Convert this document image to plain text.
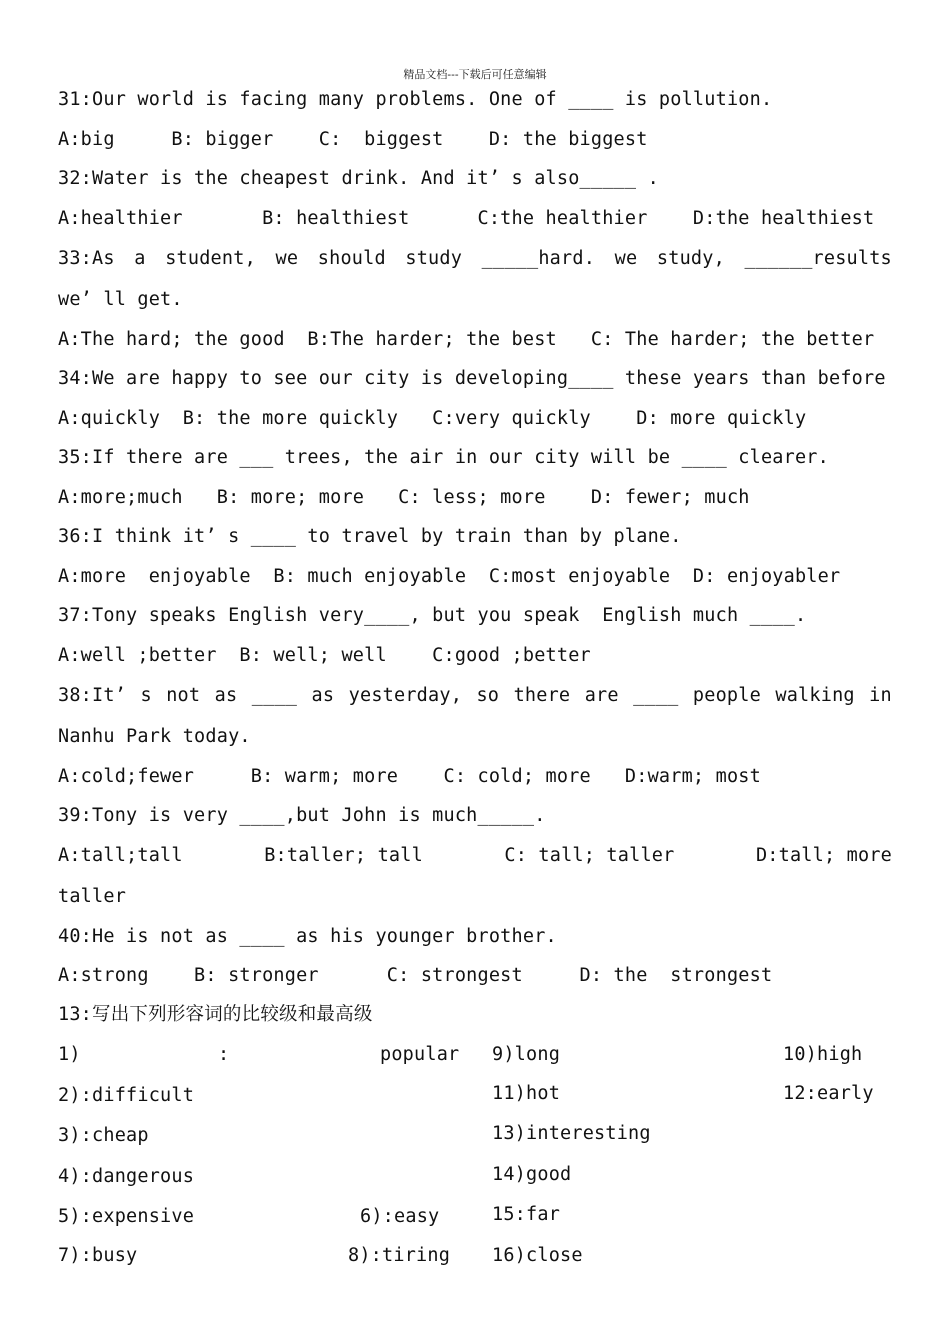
精品文档---下载后可任意编辑
31:Our world is facing many problems. One of ____ is pollution.
A:big     B: bigger    C:  biggest    D: the biggest
32:Water is the cheapest drink. And it’ s also_____ .
A:healthier       B: healthiest      C:the healthier    D:the healthiest
33:As a student, we should study _____hard. we study, ______results
we’ ll get.
A:The hard; the good  B:The harder; the best   C: The harder; the better
34:We are happy to see our city is developing____ these years than before
A:quickly  B: the more quickly   C:very quickly    D: more quickly
35:If there are ___ trees, the air in our city will be ____ clearer.
A:more;much   B: more; more   C: less; more    D: fewer; much
36:I think it’ s ____ to travel by train than by plane.
A:more  enjoyable  B: much enjoyable  C:most enjoyable  D: enjoyabler
37:Tony speaks English very____, but you speak  English much ____.
A:well ;better  B: well; well    C:good ;better
38:It’ s not as ____ as yesterday, so there are ____ people walking in
Nanhu Park today.
A:cold;fewer     B: warm; more    C: cold; more   D:warm; most
39:Tony is very ____,but John is much_____.
A:tall;tall	B:taller; tall	C: tall; taller	D:tall; more
taller
40:He is not as ____ as his younger brother.
A:strong    B: stronger      C: strongest     D: the  strongest
13:写出下列形容词的比较级和最高级
1)	:	popular 9)long	10)high
2):difficult	11)hot	12:early
3):cheap	13)interesting
4):dangerous	14)good
5):expensive	6):easy	15:far
7):busy	8):tiring 16)close
